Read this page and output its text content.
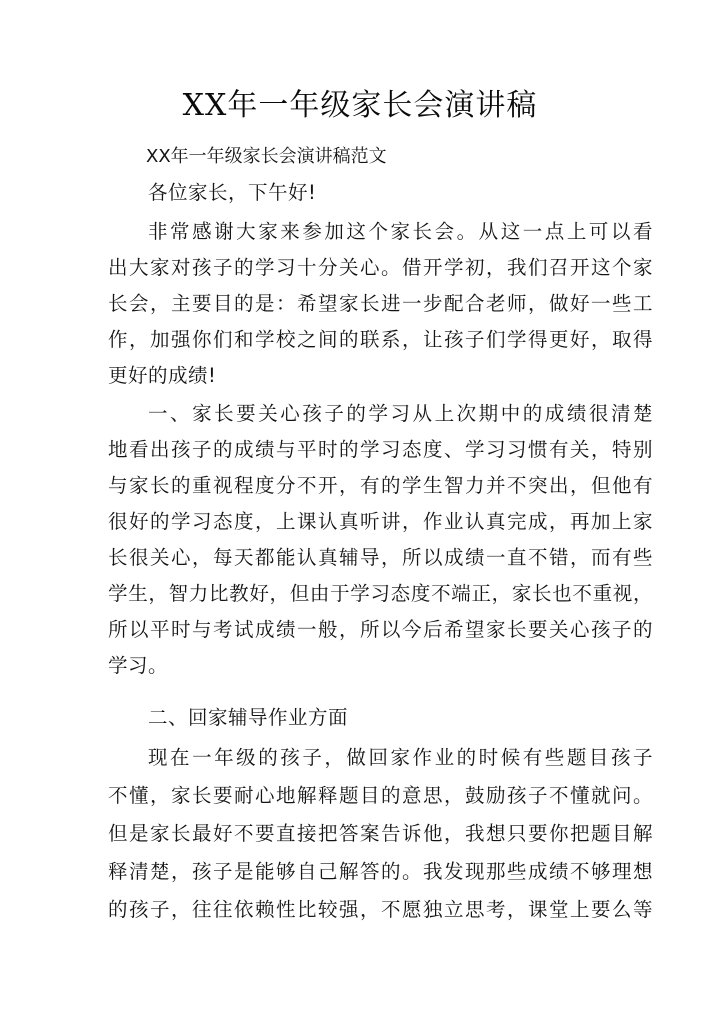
XX年一年级家长会演讲稿
XX年一年级家长会演讲稿范文
各位家长，下午好!
非常感谢大家来参加这个家长会。从这一点上可以看
出大家对孩子的学习十分关心。借开学初，我们召开这个家
长会，主要目的是：希望家长进一步配合老师，做好一些工
作，加强你们和学校之间的联系，让孩子们学得更好，取得
更好的成绩!
一、家长要关心孩子的学习从上次期中的成绩很清楚
地看出孩子的成绩与平时的学习态度、学习习惯有关，特别
与家长的重视程度分不开，有的学生智力并不突出，但他有
很好的学习态度，上课认真听讲，作业认真完成，再加上家
长很关心，每天都能认真辅导，所以成绩一直不错，而有些
学生，智力比教好，但由于学习态度不端正，家长也不重视，
所以平时与考试成绩一般，所以今后希望家长要关心孩子的
学习。
二、回家辅导作业方面
现在一年级的孩子，做回家作业的时候有些题目孩子
不懂，家长要耐心地解释题目的意思，鼓励孩子不懂就问。
但是家长最好不要直接把答案告诉他，我想只要你把题目解
释清楚，孩子是能够自己解答的。我发现那些成绩不够理想
的孩子，往往依赖性比较强，不愿独立思考，课堂上要么等
